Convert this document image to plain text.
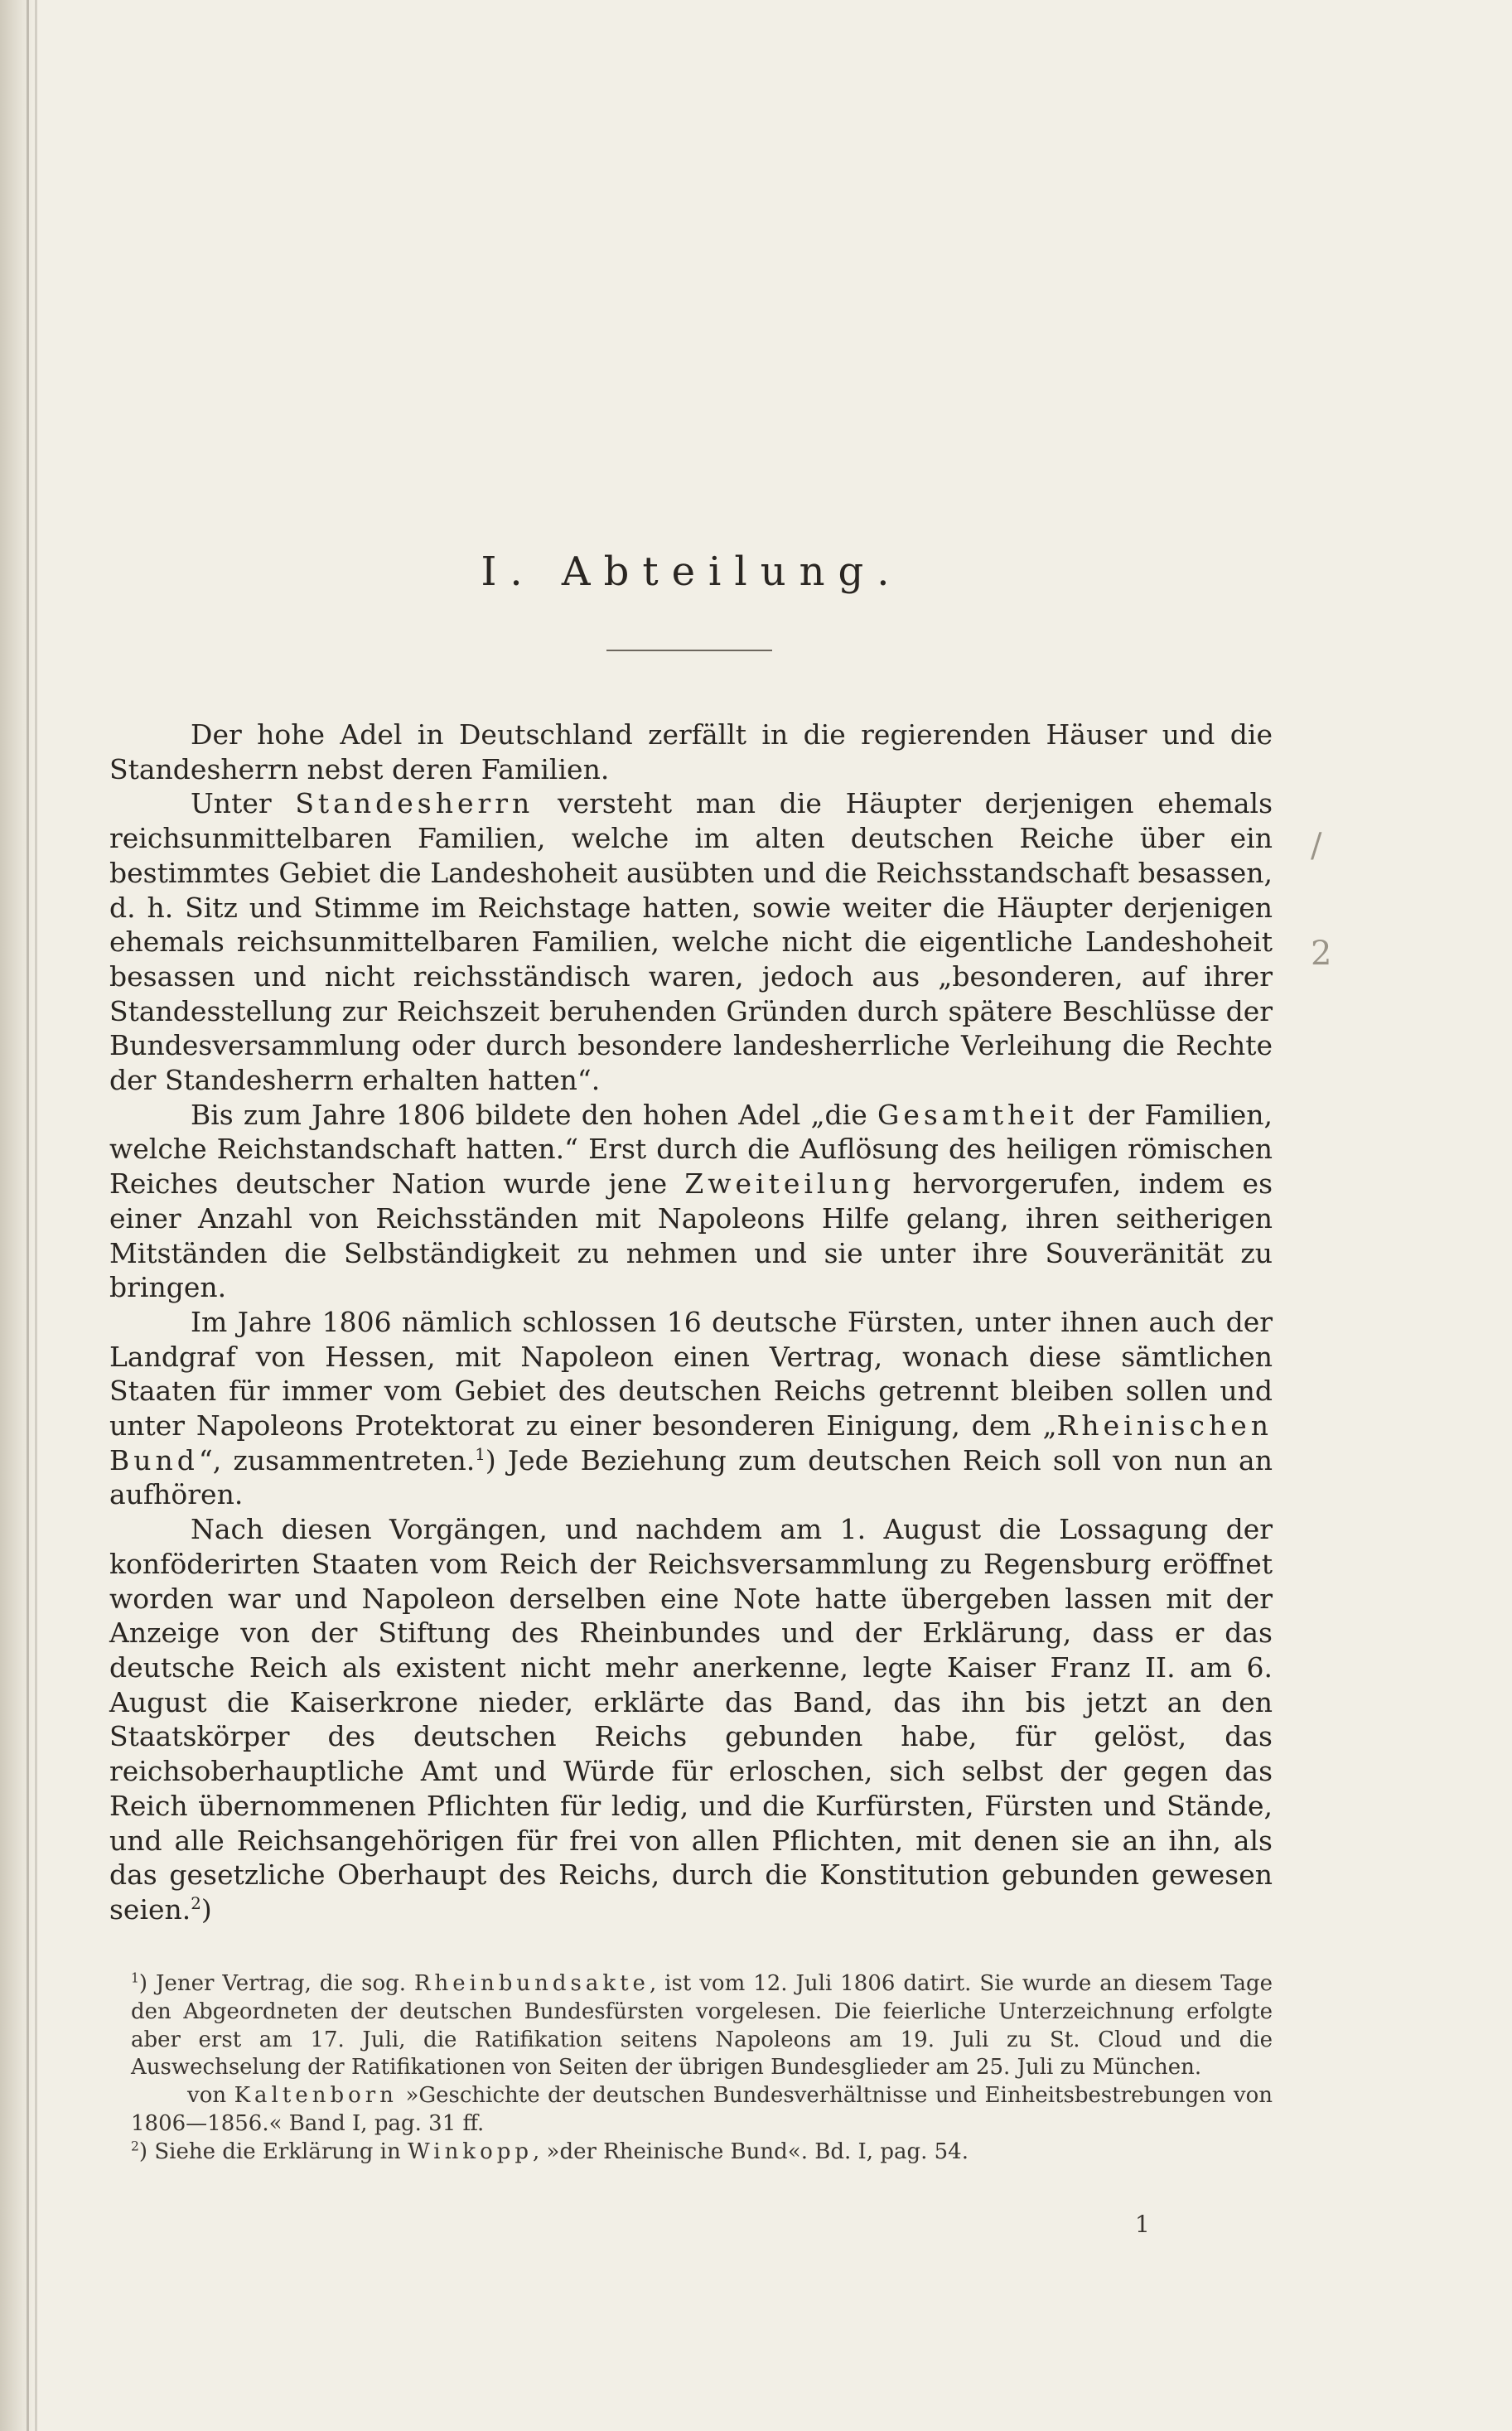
I. Abteilung.

Der hohe Adel in Deutschland zerfällt in die regierenden Häuser und die Standesherrn nebst deren Familien.

Unter Standesherrn versteht man die Häupter derjenigen ehemals reichsunmittelbaren Familien, welche im alten deutschen Reiche über ein bestimmtes Gebiet die Landeshoheit ausübten und die Reichsstandschaft besassen, d. h. Sitz und Stimme im Reichstage hatten, sowie weiter die Häupter derjenigen ehemals reichsunmittelbaren Familien, welche nicht die eigentliche Landeshoheit besassen und nicht reichsständisch waren, jedoch aus „besonderen, auf ihrer Standesstellung zur Reichszeit beruhenden Gründen durch spätere Beschlüsse der Bundesversammlung oder durch besondere landesherrliche Verleihung die Rechte der Standesherrn erhalten hatten“.

Bis zum Jahre 1806 bildete den hohen Adel „die Gesamtheit der Familien, welche Reichstandschaft hatten.“ Erst durch die Auflösung des heiligen römischen Reiches deutscher Nation wurde jene Zweiteilung hervorgerufen, indem es einer Anzahl von Reichsständen mit Napoleons Hilfe gelang, ihren seitherigen Mitständen die Selbständigkeit zu nehmen und sie unter ihre Souveränität zu bringen.

Im Jahre 1806 nämlich schlossen 16 deutsche Fürsten, unter ihnen auch der Landgraf von Hessen, mit Napoleon einen Vertrag, wonach diese sämtlichen Staaten für immer vom Gebiet des deutschen Reichs getrennt bleiben sollen und unter Napoleons Protektorat zu einer besonderen Einigung, dem „Rheinischen Bund“, zusammentreten.$^1$) Jede Beziehung zum deutschen Reich soll von nun an aufhören.

Nach diesen Vorgängen, und nachdem am 1. August die Lossagung der konföderirten Staaten vom Reich der Reichsversammlung zu Regensburg eröffnet worden war und Napoleon derselben eine Note hatte übergeben lassen mit der Anzeige von der Stiftung des Rheinbundes und der Erklärung, dass er das deutsche Reich als existent nicht mehr anerkenne, legte Kaiser Franz II. am 6. August die Kaiserkrone nieder, erklärte das Band, das ihn bis jetzt an den Staatskörper des deutschen Reichs gebunden habe, für gelöst, das reichsoberhauptliche Amt und Würde für erloschen, sich selbst der gegen das Reich übernommenen Pflichten für ledig, und die Kurfürsten, Fürsten und Stände, und alle Reichsangehörigen für frei von allen Pflichten, mit denen sie an ihn, als das gesetzliche Oberhaupt des Reichs, durch die Konstitution gebunden gewesen seien.$^2$)

$^1$) Jener Vertrag, die sog. Rheinbundsakte, ist vom 12. Juli 1806 datirt. Sie wurde an diesem Tage den Abgeordneten der deutschen Bundesfürsten vorgelesen. Die feierliche Unterzeichnung erfolgte aber erst am 17. Juli, die Ratifikation seitens Napoleons am 19. Juli zu St. Cloud und die Auswechselung der Ratifikationen von Seiten der übrigen Bundesglieder am 25. Juli zu München.

von Kaltenborn »Geschichte der deutschen Bundesverhältnisse und Einheitsbestrebungen von 1806—1856.« Band I, pag. 31 ff.

$^2$) Siehe die Erklärung in Winkopp, »der Rheinische Bund«. Bd. I, pag. 54.

1
/
2
